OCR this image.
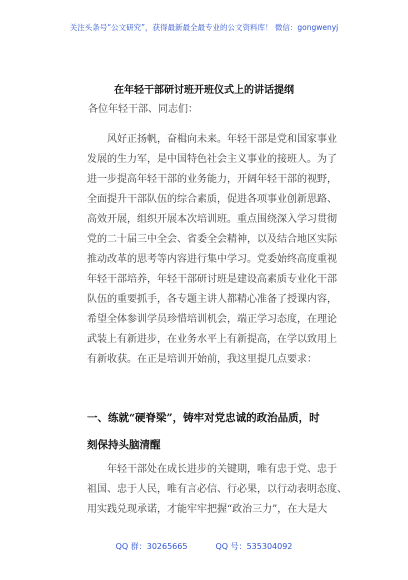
关注头条号“公文研究”，获得最新最全最专业的公文资料库！ 微信：gongwenyj
在年轻干部研讨班开班仪式上的讲话提纲
各位年轻干部、同志们：
风好正扬帆，奋楫向未来。年轻干部是党和国家事业
发展的生力军，是中国特色社会主义事业的接班人。为了
进一步提高年轻干部的业务能力，开阔年轻干部的视野，
全面提升干部队伍的综合素质，促进各项事业创新思路、
高效开展，组织开展本次培训班。重点围绕深入学习贯彻
党的二十届三中全会、省委全会精神，以及结合地区实际
推动改革的思考等内容进行集中学习。党委始终高度重视
年轻干部培养，年轻干部研讨班是建设高素质专业化干部
队伍的重要抓手，各专题主讲人都精心准备了授课内容，
希望全体参训学员珍惜培训机会，端正学习态度，在理论
武装上有新进步，在业务水平上有新提高，在学以致用上
有新收获。在正是培训开始前，我这里提几点要求：
一、练就“硬脊梁”，铸牢对党忠诚的政治品质，时
刻保持头脑清醒
年轻干部处在成长进步的关键期，唯有忠于党、忠于
祖国、忠于人民，唯有言必信、行必果，以行动表明态度、
用实践兑现承诺，才能牢牢把握“政治三力”，在大是大
QQ 群：30265665	QQ 号：535304092
